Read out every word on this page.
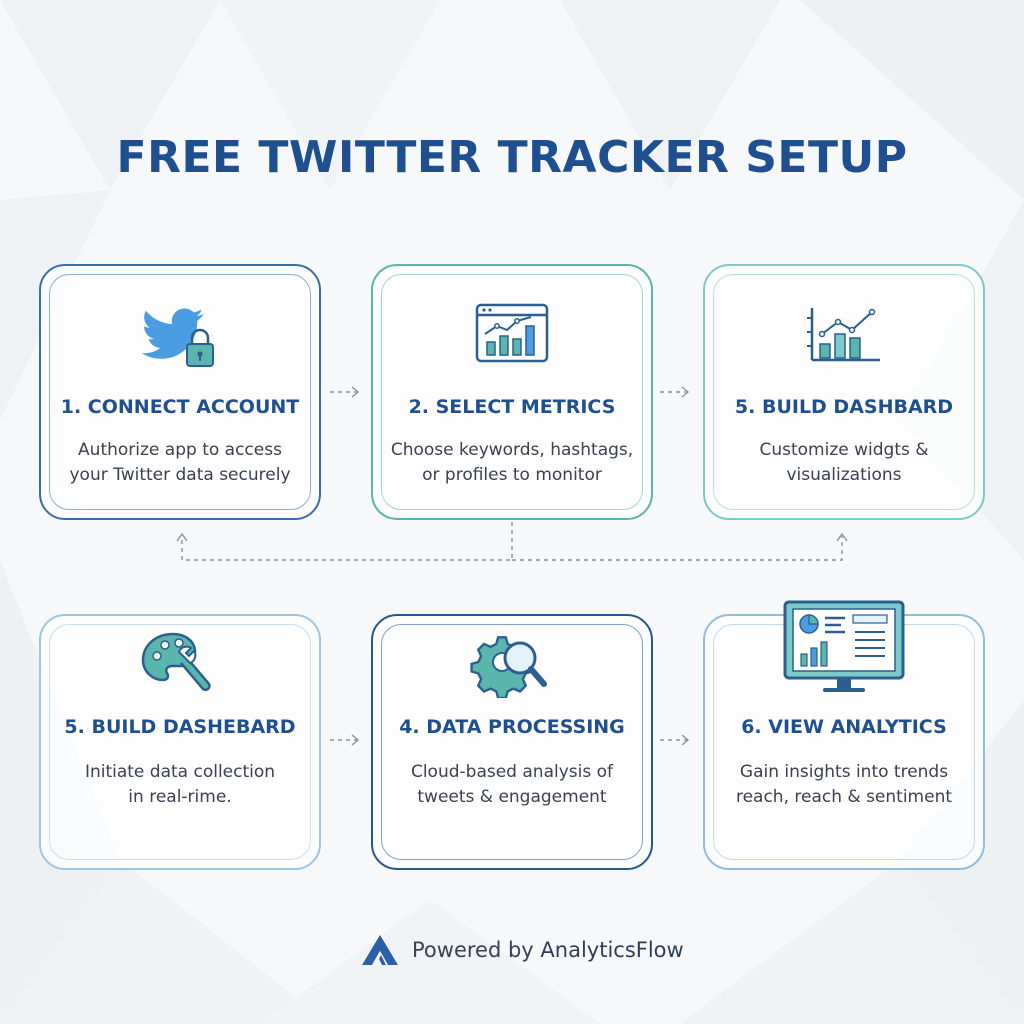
FREE TWITTER TRACKER SETUP
1. CONNECT ACCOUNT
Authorize app to access
your Twitter data securely
2. SELECT METRICS
Choose keywords, hashtags,
or profiles to monitor
5. BUILD DASHBARD
Customize widgts &
visualizations
5. BUILD DASHEBARD
Initiate data collection
in real-rime.
4. DATA PROCESSING
Cloud-based analysis of
tweets & engagement
6. VIEW ANALYTICS
Gain insights into trends
reach, reach & sentiment
Powered by AnalyticsFlow
